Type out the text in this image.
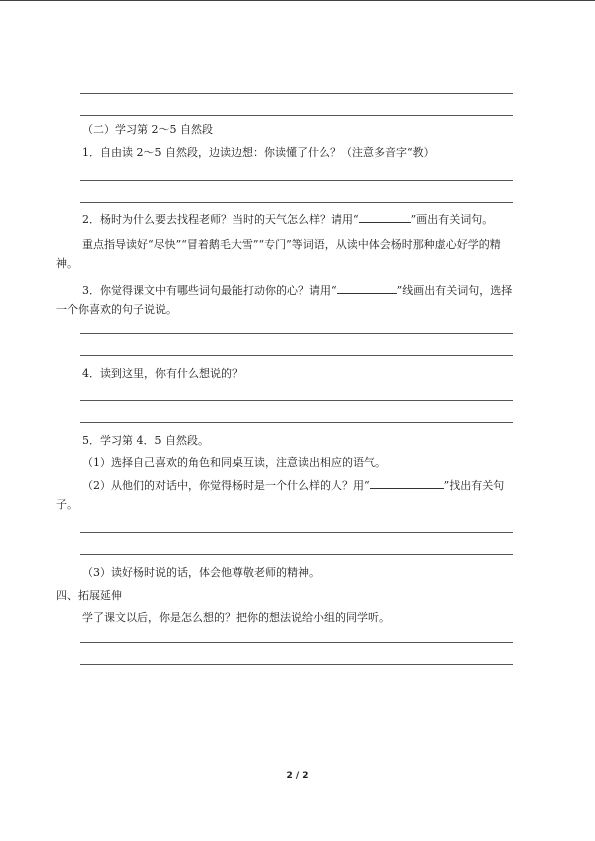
（二）学习第 2～5 自然段
1．自由读 2～5 自然段，边读边想：你读懂了什么？（注意多音字“教）
2．杨时为什么要去找程老师？当时的天气怎么样？请用“	”画出有关词句。
重点指导读好“尽快”“冒着鹅毛大雪”“专门”等词语，从读中体会杨时那种虚心好学的精神。
3．你觉得课文中有哪些词句最能打动你的心？请用“	”线画出有关词句，选择一个你喜欢的句子说说。
4．读到这里，你有什么想说的？
5．学习第 4．5 自然段。
（1）选择自己喜欢的角色和同桌互读，注意读出相应的语气。
（2）从他们的对话中，你觉得杨时是一个什么样的人？用“	”找出有关句子。
（3）读好杨时说的话，体会他尊敬老师的精神。
四、拓展延伸
学了课文以后，你是怎么想的？把你的想法说给小组的同学听。
2 / 2
